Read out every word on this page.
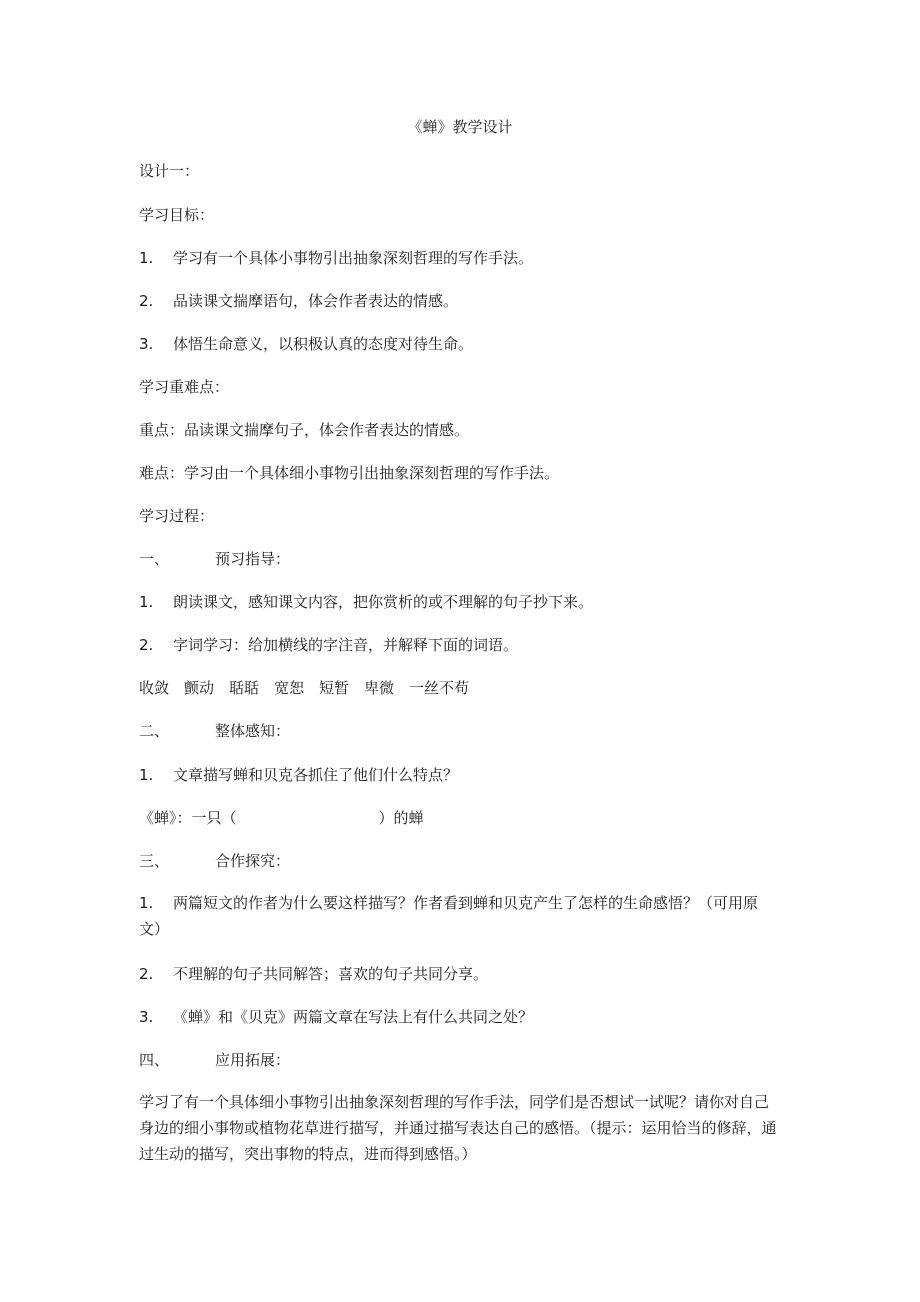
《蝉》教学设计
设计一：
学习目标：
1. 学习有一个具体小事物引出抽象深刻哲理的写作手法。
2. 品读课文揣摩语句，体会作者表达的情感。
3. 体悟生命意义，以积极认真的态度对待生命。
学习重难点：
重点：品读课文揣摩句子，体会作者表达的情感。
难点：学习由一个具体细小事物引出抽象深刻哲理的写作手法。
学习过程：
一、	预习指导：
1. 朗读课文，感知课文内容，把你赏析的或不理解的句子抄下来。
2. 字词学习：给加横线的字注音，并解释下面的词语。
收敛　颤动　聒聒　宽恕　短暂　卑微　一丝不苟
二、	整体感知：
1. 文章描写蝉和贝克各抓住了他们什么特点？
《蝉》：一只（	）的蝉
三、	合作探究：
1. 两篇短文的作者为什么要这样描写？作者看到蝉和贝克产生了怎样的生命感悟？（可用原文）
2. 不理解的句子共同解答；喜欢的句子共同分享。
3. 《蝉》和《贝克》两篇文章在写法上有什么共同之处？
四、	应用拓展：
学习了有一个具体细小事物引出抽象深刻哲理的写作手法，同学们是否想试一试呢？请你对自己身边的细小事物或植物花草进行描写，并通过描写表达自己的感悟。（提示：运用恰当的修辞，通过生动的描写，突出事物的特点，进而得到感悟。）
